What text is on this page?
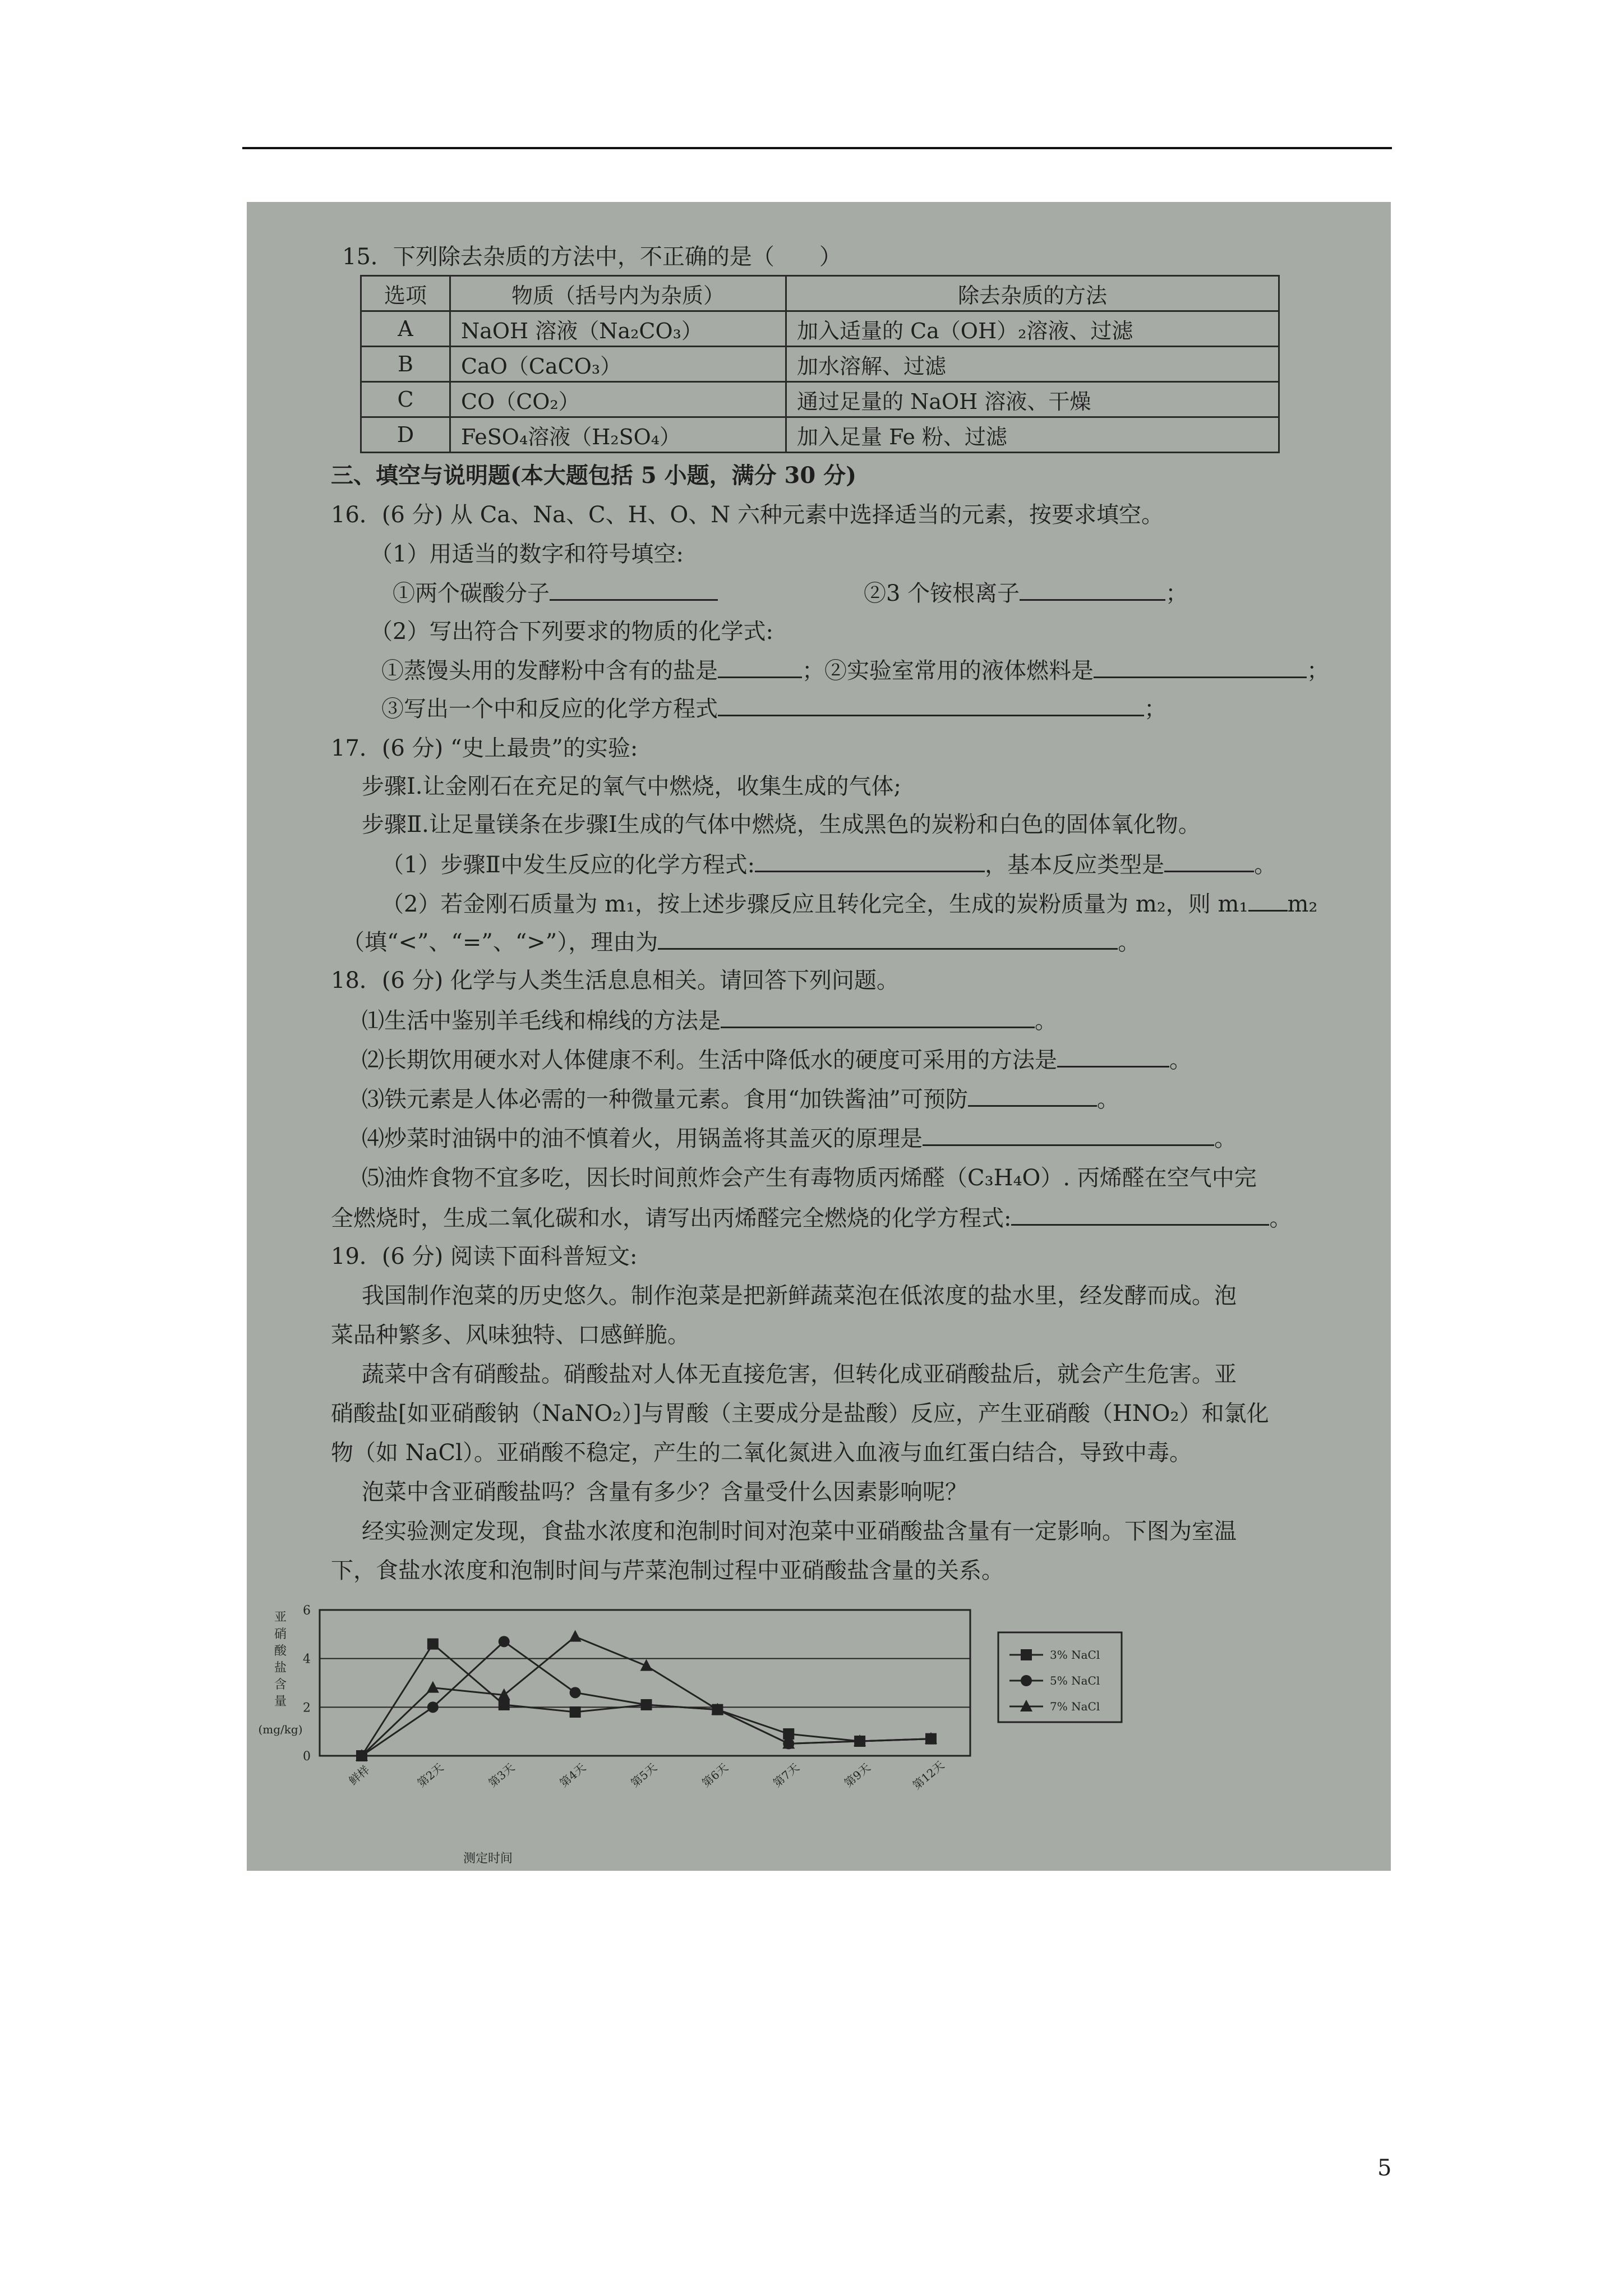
15．下列除去杂质的方法中，不正确的是（　　）
选项	物质（括号内为杂质）	除去杂质的方法
A	NaOH 溶液（Na₂CO₃）	加入适量的 Ca（OH）₂溶液、过滤
B	CaO（CaCO₃）	加水溶解、过滤
C	CO（CO₂）	通过足量的 NaOH 溶液、干燥
D	FeSO₄溶液（H₂SO₄）	加入足量 Fe 粉、过滤
三、填空与说明题(本大题包括 5 小题，满分 30 分)
16．(6 分) 从 Ca、Na、C、H、O、N 六种元素中选择适当的元素，按要求填空。
（1）用适当的数字和符号填空:
①两个碳酸分子	②3 个铵根离子	；
（2）写出符合下列要求的物质的化学式:
①蒸馒头用的发酵粉中含有的盐是	；②实验室常用的液体燃料是	；
③写出一个中和反应的化学方程式	；
17．(6 分) “史上最贵”的实验:
步骤Ⅰ.让金刚石在充足的氧气中燃烧，收集生成的气体;
步骤Ⅱ.让足量镁条在步骤Ⅰ生成的气体中燃烧，生成黑色的炭粉和白色的固体氧化物。
（1）步骤Ⅱ中发生反应的化学方程式:	，基本反应类型是	。
（2）若金刚石质量为 m₁，按上述步骤反应且转化完全，生成的炭粉质量为 m₂，则 m₁ m₂
（填“<”、“=”、“>”），理由为	。
18．(6 分) 化学与人类生活息息相关。请回答下列问题。
⑴生活中鉴别羊毛线和棉线的方法是	。
⑵长期饮用硬水对人体健康不利。生活中降低水的硬度可采用的方法是	。
⑶铁元素是人体必需的一种微量元素。食用“加铁酱油”可预防	。
⑷炒菜时油锅中的油不慎着火，用锅盖将其盖灭的原理是	。
⑸油炸食物不宜多吃，因长时间煎炸会产生有毒物质丙烯醛（C₃H₄O）. 丙烯醛在空气中完
全燃烧时，生成二氧化碳和水，请写出丙烯醛完全燃烧的化学方程式:	。
19．(6 分) 阅读下面科普短文:
我国制作泡菜的历史悠久。制作泡菜是把新鲜蔬菜泡在低浓度的盐水里，经发酵而成。泡
菜品种繁多、风味独特、口感鲜脆。
蔬菜中含有硝酸盐。硝酸盐对人体无直接危害，但转化成亚硝酸盐后，就会产生危害。亚
硝酸盐[如亚硝酸钠（NaNO₂）]与胃酸（主要成分是盐酸）反应，产生亚硝酸（HNO₂）和氯化
物（如 NaCl）。亚硝酸不稳定，产生的二氧化氮进入血液与血红蛋白结合，导致中毒。
泡菜中含亚硝酸盐吗？含量有多少？含量受什么因素影响呢？
经实验测定发现，食盐水浓度和泡制时间对泡菜中亚硝酸盐含量有一定影响。下图为室温
下，食盐水浓度和泡制时间与芹菜泡制过程中亚硝酸盐含量的关系。
亚
硝
酸
盐
含
量
(mg/kg)
测定时间
0
2
4
6
鲜样	第2天	第3天	第4天	第5天	第6天	第7天	第9天	第12天
3% NaCl
5% NaCl
7% NaCl
5
